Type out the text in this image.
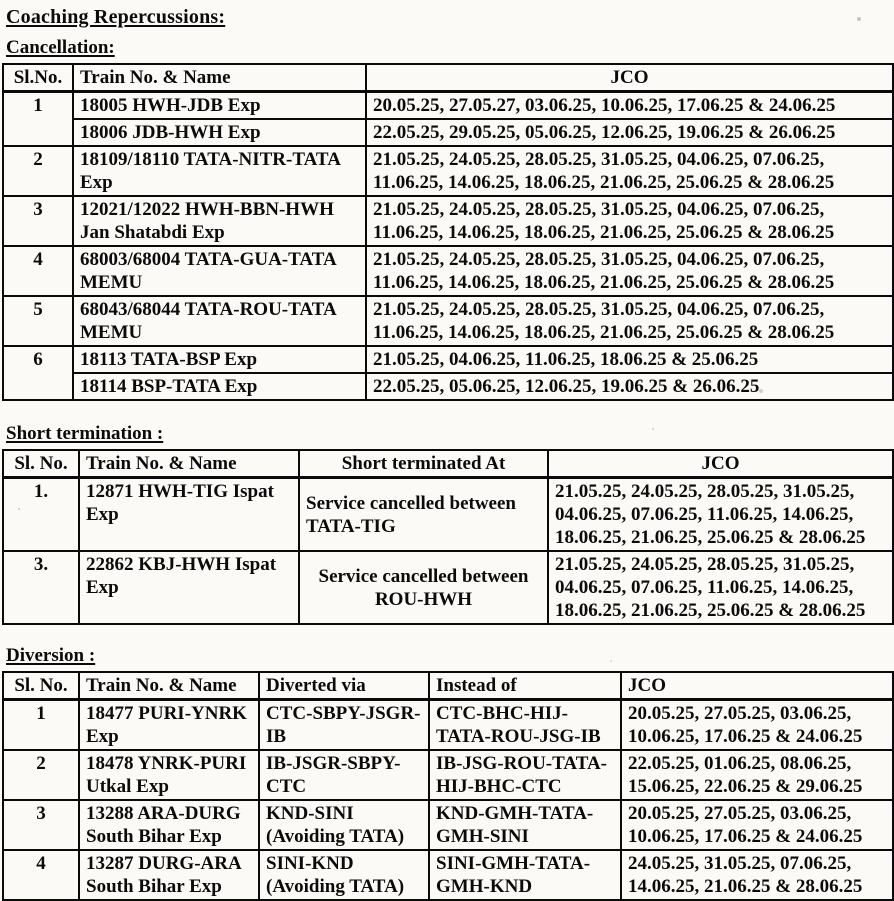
Coaching Repercussions:
Cancellation:
Sl.No.	Train No. & Name	JCO
1	18005 HWH-JDB Exp	20.05.25, 27.05.27, 03.06.25, 10.06.25, 17.06.25 & 24.06.25
	18006 JDB-HWH Exp	22.05.25, 29.05.25, 05.06.25, 12.06.25, 19.06.25 & 26.06.25
2	18109/18110 TATA-NITR-TATA Exp	21.05.25, 24.05.25, 28.05.25, 31.05.25, 04.06.25, 07.06.25, 11.06.25, 14.06.25, 18.06.25, 21.06.25, 25.06.25 & 28.06.25
3	12021/12022 HWH-BBN-HWH Jan Shatabdi Exp	21.05.25, 24.05.25, 28.05.25, 31.05.25, 04.06.25, 07.06.25, 11.06.25, 14.06.25, 18.06.25, 21.06.25, 25.06.25 & 28.06.25
4	68003/68004 TATA-GUA-TATA MEMU	21.05.25, 24.05.25, 28.05.25, 31.05.25, 04.06.25, 07.06.25, 11.06.25, 14.06.25, 18.06.25, 21.06.25, 25.06.25 & 28.06.25
5	68043/68044 TATA-ROU-TATA MEMU	21.05.25, 24.05.25, 28.05.25, 31.05.25, 04.06.25, 07.06.25, 11.06.25, 14.06.25, 18.06.25, 21.06.25, 25.06.25 & 28.06.25
6	18113 TATA-BSP Exp	21.05.25, 04.06.25, 11.06.25, 18.06.25 & 25.06.25
	18114 BSP-TATA Exp	22.05.25, 05.06.25, 12.06.25, 19.06.25 & 26.06.25
Short termination :
Sl. No.	Train No. & Name	Short terminated At	JCO
1.	12871 HWH-TIG Ispat Exp	Service cancelled between TATA-TIG	21.05.25, 24.05.25, 28.05.25, 31.05.25, 04.06.25, 07.06.25, 11.06.25, 14.06.25, 18.06.25, 21.06.25, 25.06.25 & 28.06.25
3.	22862 KBJ-HWH Ispat Exp	Service cancelled between ROU-HWH	21.05.25, 24.05.25, 28.05.25, 31.05.25, 04.06.25, 07.06.25, 11.06.25, 14.06.25, 18.06.25, 21.06.25, 25.06.25 & 28.06.25
Diversion :
Sl. No.	Train No. & Name	Diverted via	Instead of	JCO
1	18477 PURI-YNRK Exp	CTC-SBPY-JSGR-IB	CTC-BHC-HIJ-TATA-ROU-JSG-IB	20.05.25, 27.05.25, 03.06.25, 10.06.25, 17.06.25 & 24.06.25
2	18478 YNRK-PURI Utkal Exp	IB-JSGR-SBPY-CTC	IB-JSG-ROU-TATA-HIJ-BHC-CTC	22.05.25, 01.06.25, 08.06.25, 15.06.25, 22.06.25 & 29.06.25
3	13288 ARA-DURG South Bihar Exp	KND-SINI (Avoiding TATA)	KND-GMH-TATA-GMH-SINI	20.05.25, 27.05.25, 03.06.25, 10.06.25, 17.06.25 & 24.06.25
4	13287 DURG-ARA South Bihar Exp	SINI-KND (Avoiding TATA)	SINI-GMH-TATA-GMH-KND	24.05.25, 31.05.25, 07.06.25, 14.06.25, 21.06.25 & 28.06.25
